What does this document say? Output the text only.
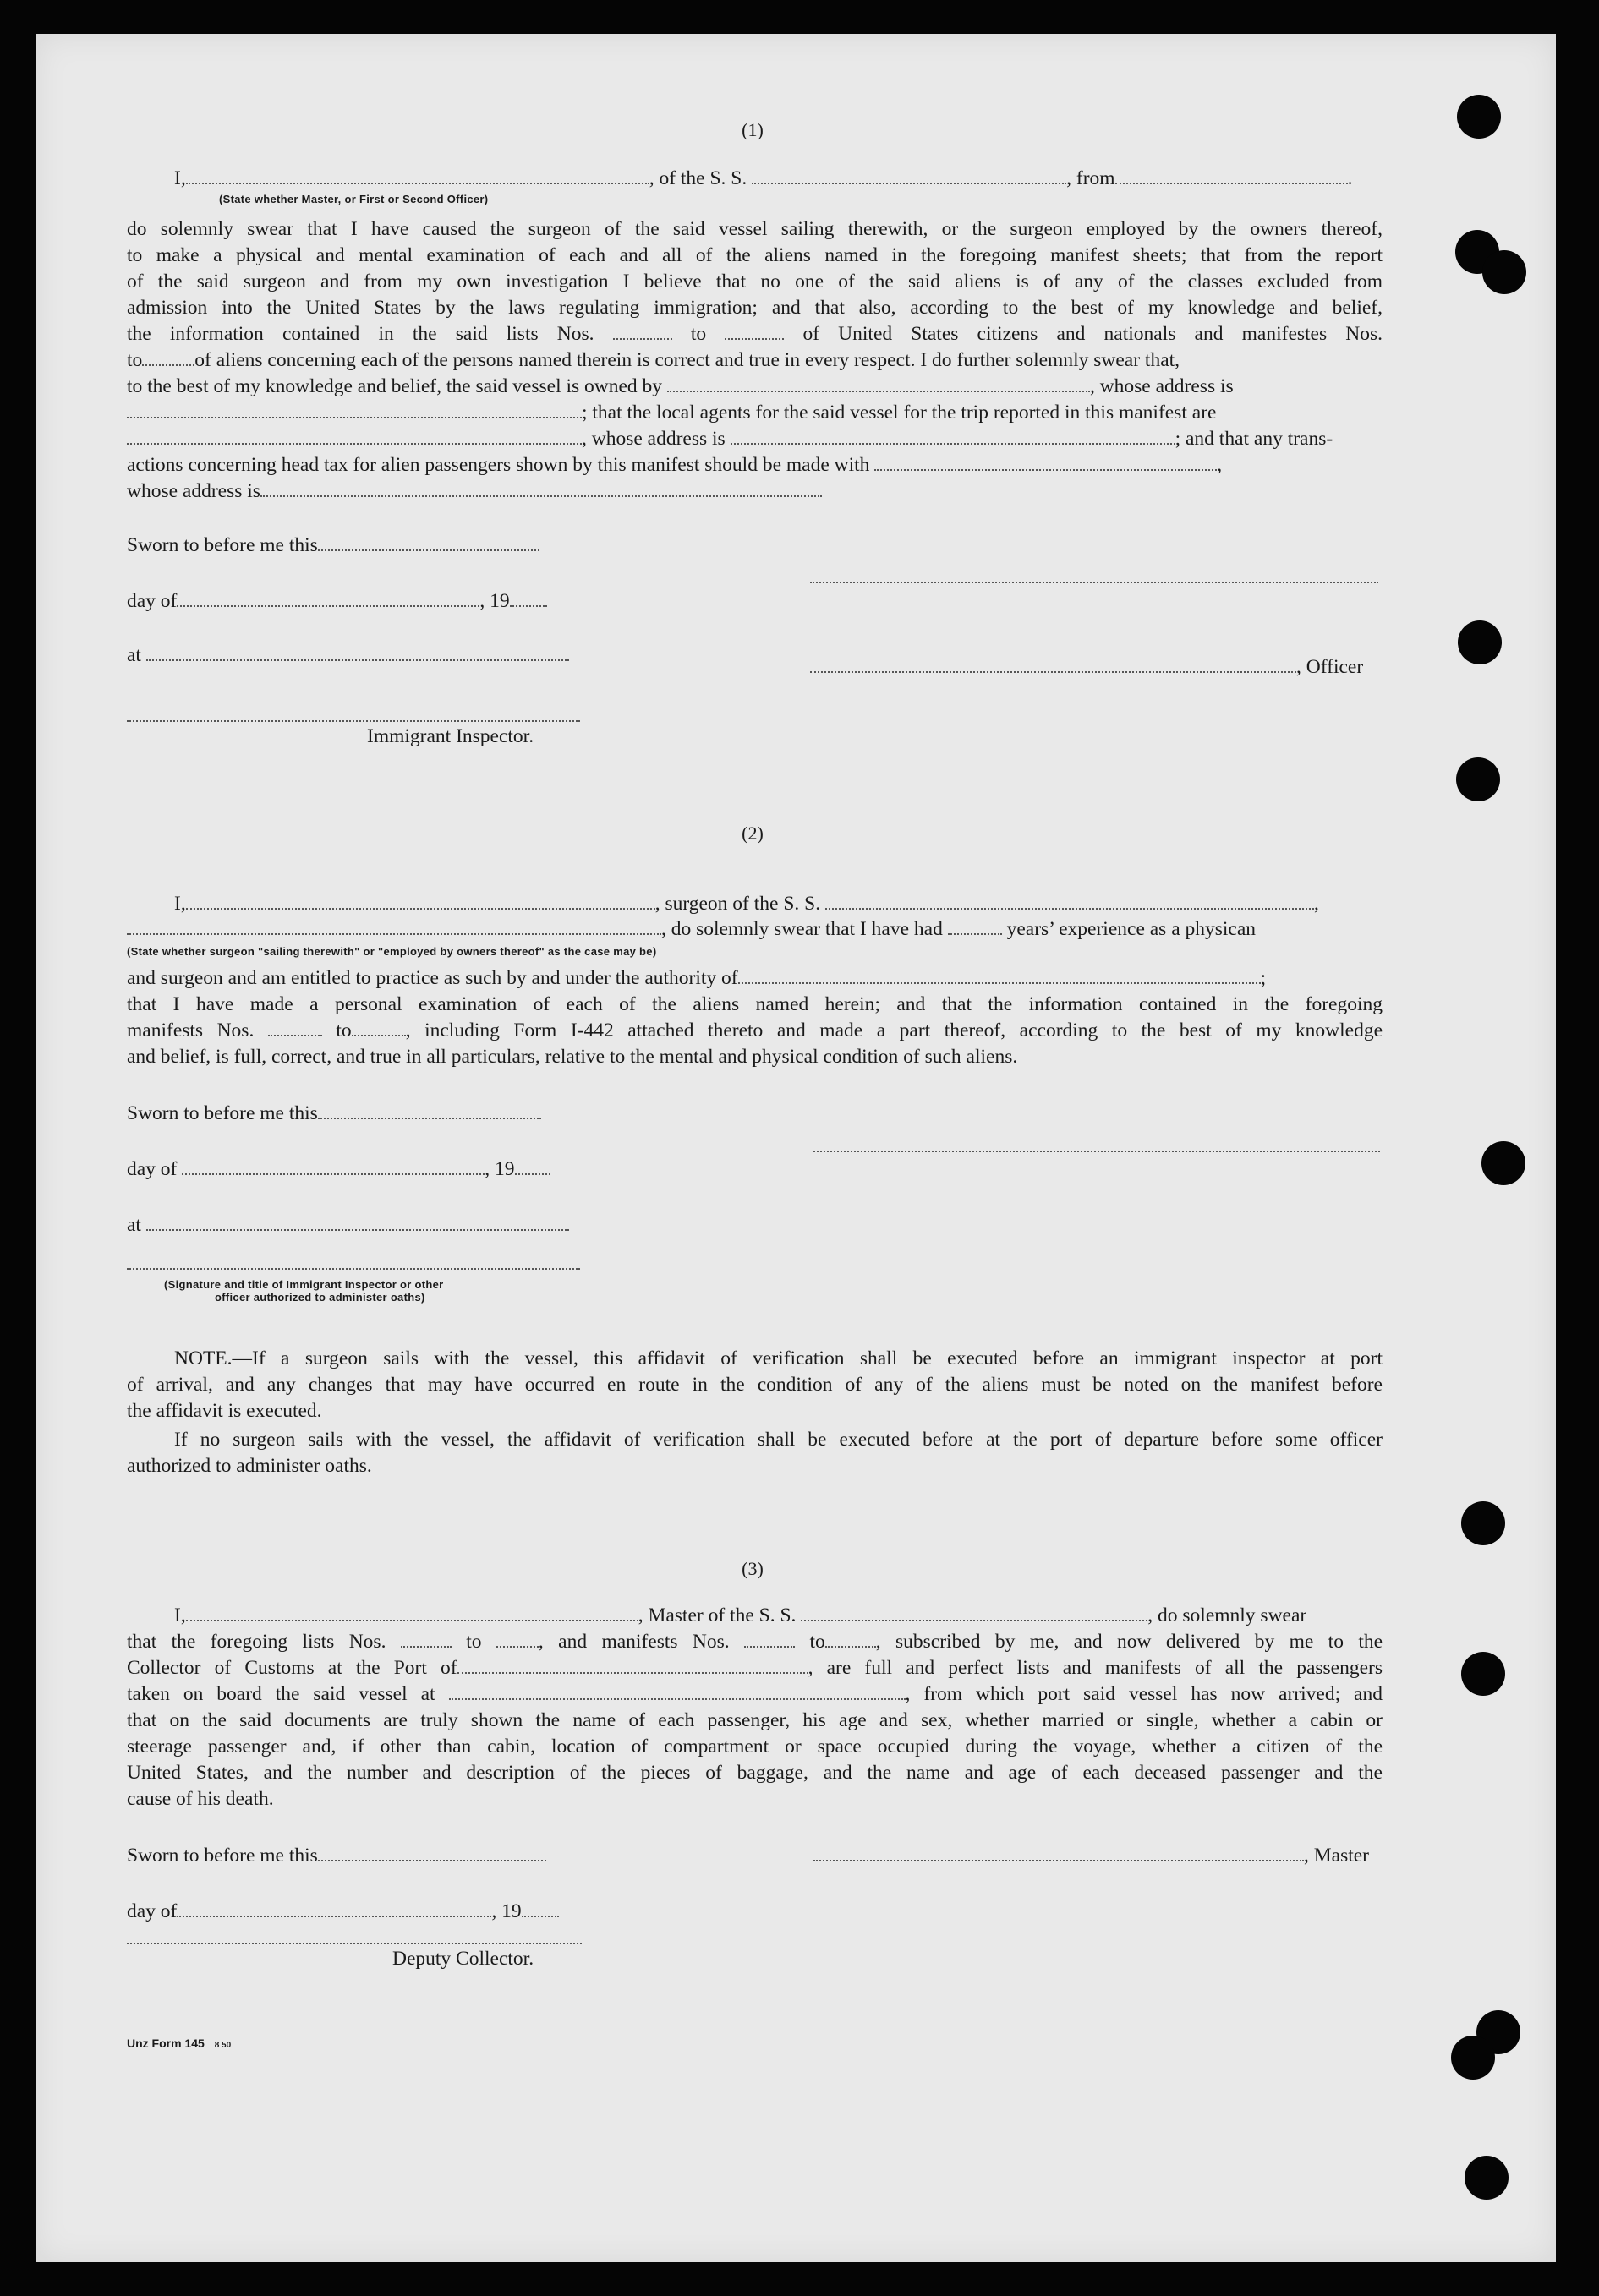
(1)
I,	, of the S. S.	, from	.
(State whether Master, or First or Second Officer)
do solemnly swear that I have caused the surgeon of the said vessel sailing therewith, or the surgeon employed by the owners thereof,
to make a physical and mental examination of each and all of the aliens named in the foregoing manifest sheets; that from the report
of the said surgeon and from my own investigation I believe that no one of the said aliens is of any of the classes excluded from
admission into the United States by the laws regulating immigration; and that also, according to the best of my knowledge and belief,
the information contained in the said lists Nos.	to	of United States citizens and nationals and manifestes Nos.
to	of aliens concerning each of the persons named therein is correct and true in every respect. I do further solemnly swear that,
to the best of my knowledge and belief, the said vessel is owned by	, whose address is
; that the local agents for the said vessel for the trip reported in this manifest are
, whose address is	; and that any trans-
actions concerning head tax for alien passengers shown by this manifest should be made with	,
whose address is
Sworn to before me this
day of	, 19
at
, Officer
Immigrant Inspector.
(2)
I,	, surgeon of the S. S.	,
, do solemnly swear that I have had	years’ experience as a physican
(State whether surgeon "sailing therewith" or "employed by owners thereof" as the case may be)
and surgeon and am entitled to practice as such by and under the authority of	;
that I have made a personal examination of each of the aliens named herein; and that the information contained in the foregoing
manifests Nos.	to	, including Form I-442 attached thereto and made a part thereof, according to the best of my knowledge
and belief, is full, correct, and true in all particulars, relative to the mental and physical condition of such aliens.
Sworn to before me this
day of	, 19
at
(Signature and title of Immigrant Inspector or other
officer authorized to administer oaths)
NOTE.—If a surgeon sails with the vessel, this affidavit of verification shall be executed before an immigrant inspector at port
of arrival, and any changes that may have occurred en route in the condition of any of the aliens must be noted on the manifest before
the affidavit is executed.
If no surgeon sails with the vessel, the affidavit of verification shall be executed before at the port of departure before some officer
authorized to administer oaths.
(3)
I,	, Master of the S. S.	, do solemnly swear
that the foregoing lists Nos.	to	, and manifests Nos.	to	, subscribed by me, and now delivered by me to the
Collector of Customs at the Port of	, are full and perfect lists and manifests of all the passengers
taken on board the said vessel at	, from which port said vessel has now arrived; and
that on the said documents are truly shown the name of each passenger, his age and sex, whether married or single, whether a cabin or
steerage passenger and, if other than cabin, location of compartment or space occupied during the voyage, whether a citizen of the
United States, and the number and description of the pieces of baggage, and the name and age of each deceased passenger and the
cause of his death.
Sworn to before me this	, Master
day of	, 19
Deputy Collector.
Unz Form 145 8 50
